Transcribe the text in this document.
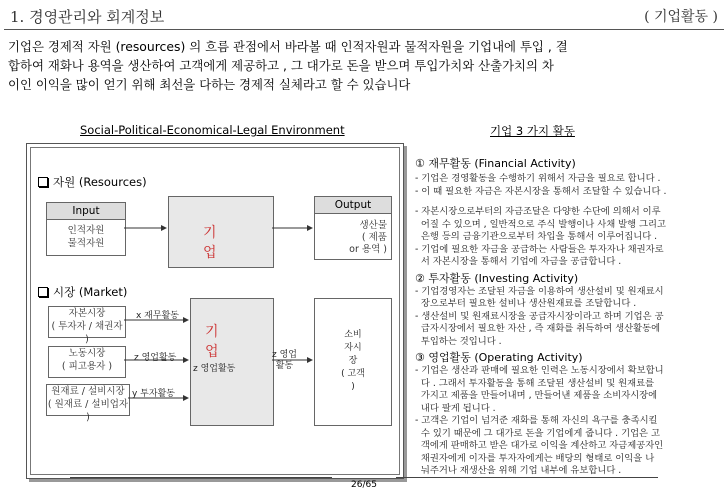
1. 경영관리와 회계정보	( 기업활동 )
기업은 경제적 자원 (resources) 의 흐름 관점에서 바라볼 때 인적자원과 물적자원을 기업내에 투입 , 결
합하여 재화나 용역을 생산하여 고객에게 제공하고 , 그 대가로 돈을 받으며 투입가치와 산출가치의 차
이인 이익을 많이 얻기 위해 최선을 다하는 경제적 실체라고 할 수 있습니다
Social-Political-Economical-Legal Environment	기업 3 가지 활동
자원 (Resources)
Input
인적자원
물적자원
기 업
Output
생산물
( 제품
or 용역 )
시장 (Market)
자본시장
( 투자자 / 채권자 )
노동시장
( 피고용자 )
원재료 / 설비시장
( 원재료 / 설비업자 )
x 재무활동
z 영업활동
y 투자활동
기 업
z 영업활동
z 영업
활동
소비
자시
장
( 고객
)
① 재무활동 (Financial Activity)
- 기업은 경영활동을 수행하기 위해서 자금을 필요로 합니다 .
- 이 때 필요한 자금은 자본시장을 통해서 조달할 수 있습니다 .
- 자본시장으로부터의 자금조달은 다양한 수단에 의해서 이루
어질 수 있으며 , 일반적으로 주식 발행이나 사채 발행 그리고
은행 등의 금융기관으로부터 차입을 통해서 이루어집니다 .
- 기업에 필요한 자금을 공급하는 사람들은 투자자나 채권자로
서 자본시장을 통해서 기업에 자금을 공급합니다 .
② 투자활동 (Investing Activity)
- 기업경영자는 조달된 자금을 이용하여 생산설비 및 원재료시
장으로부터 필요한 설비나 생산원재료를 조달합니다 .
- 생산설비 및 원재료시장을 공급자시장이라고 하며 기업은 공
급자시장에서 필요한 자산 , 즉 재화를 취득하여 생산활동에
투입하는 것입니다 .
③ 영업활동 (Operating Activity)
- 기업은 생산과 판매에 필요한 인력은 노동시장에서 확보합니
다 . 그래서 투자활동을 통해 조달된 생산설비 및 원재료를
가지고 제품을 만들어내며 , 만들어낸 제품을 소비자시장에
내다 팔게 됩니다 .
- 고객은 기업이 넘겨준 재화를 통해 자신의 욕구를 충족시킬
수 있기 때문에 그 대가로 돈을 기업에게 줍니다 . 기업은 고
객에게 판매하고 받은 대가로 이익을 계산하고 자금제공자인
채권자에게 이자를 투자자에게는 배당의 형태로 이익을 나
눠주거나 재생산을 위해 기업 내부에 유보합니다 .
26/65
